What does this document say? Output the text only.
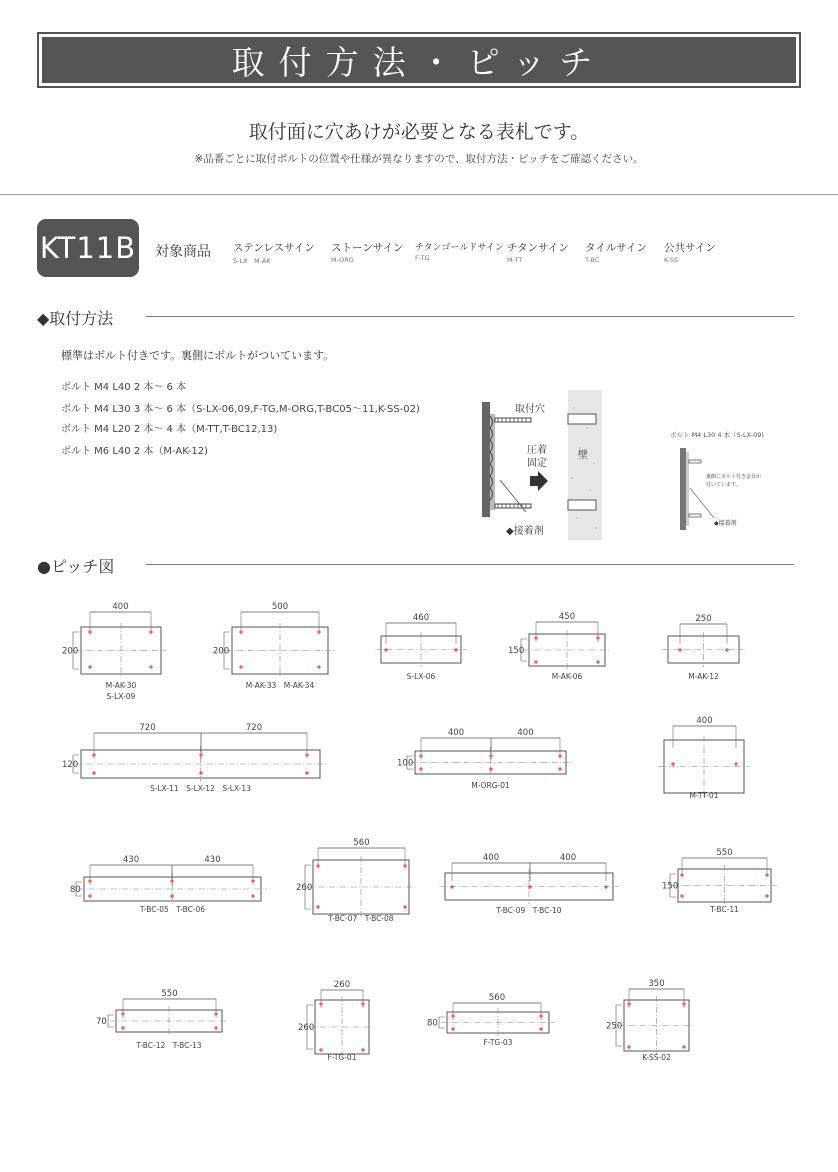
取付方法・ピッチ
取付面に穴あけが必要となる表札です。
※品番ごとに取付ボルトの位置や仕様が異なりますので、取付方法・ピッチをご確認ください。
KT11B 対象商品 ステンレスサイン
S-LX　M-AK
ストーンサイン
M-ORG
チタンゴールドサイン
F-TG
チタンサイン
M-TT
タイルサイン
T-BC
公共サイン
K-SS
◆取付方法
標準はボルト付きです。裏側にボルトがついています。
ボルト M4 L40 2 本～ 6 本
ボルト M4 L30 3 本～ 6 本（S-LX-06,09,F-TG,M-ORG,T-BC05～11,K-SS-02)
ボルト M4 L20 2 本～ 4 本（M-TT,T-BC12,13)
ボルト M6 L40 2 本（M-AK-12)
取付穴
圧着
固定
壁
◆接着剤
ボルト M4 L30 4 本（S-LX-09)
裏側にボルト付き金具が
付いています。
◆接着剤
●ピッチ図
400
200
M-AK-30
S-LX-09
500
200
M-AK-33　M-AK-34
460
S-LX-06
450
150
M-AK-06
250
M-AK-12
720	720
120
S-LX-11　S-LX-12　S-LX-13
400	400
100
M-ORG-01
400
M-TT-01
430	430
80
T-BC-05　T-BC-06
560
260
T-BC-07　T-BC-08
400	400
T-BC-09　T-BC-10
550
150
T-BC-11
550
70
T-BC-12　T-BC-13
260
260
F-TG-01
560
80
F-TG-03
350
250
K-SS-02
